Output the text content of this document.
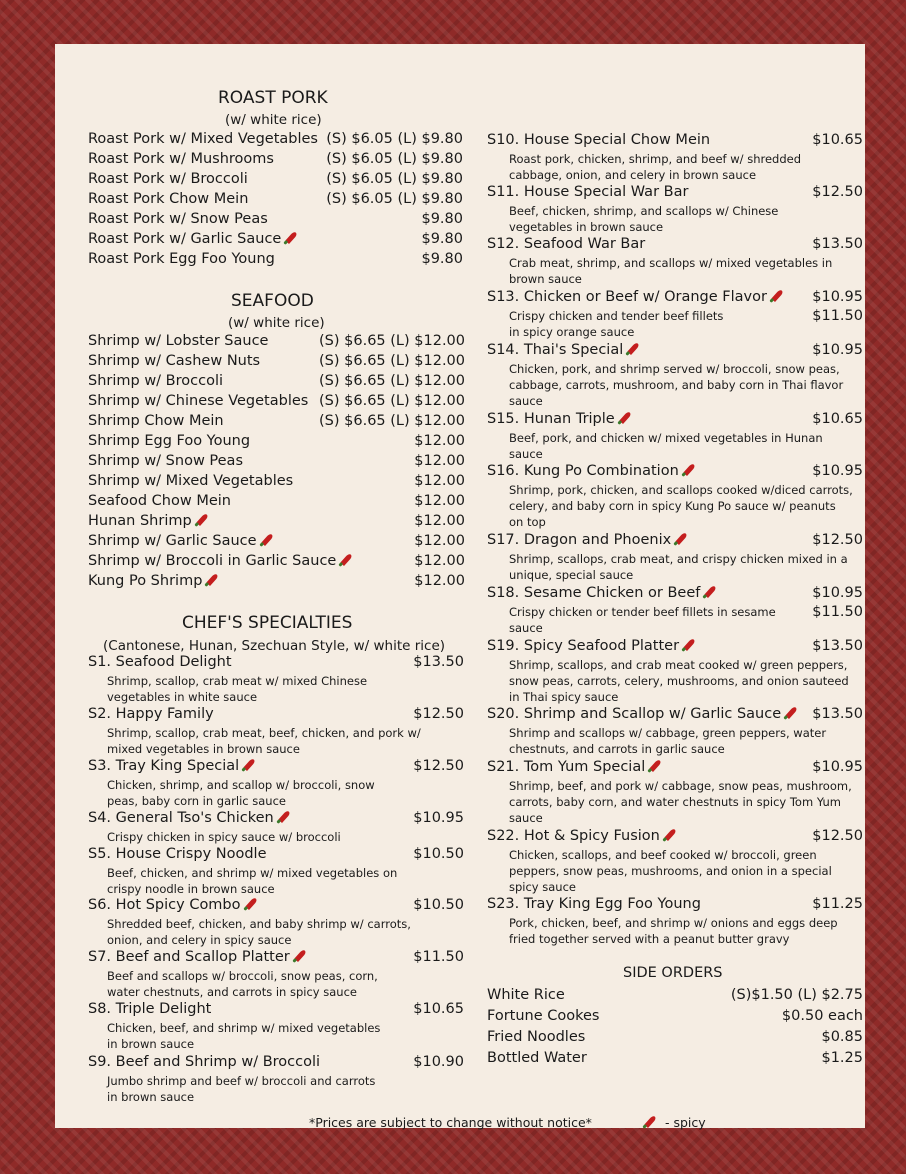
ROAST PORK
(w/ white rice)
SEAFOOD
(w/ white rice)
CHEF'S SPECIALTIES
(Cantonese, Hunan, Szechuan Style, w/ white rice)
SIDE ORDERS
*Prices are subject to change without notice*	- spicy
Roast Pork w/ Mixed Vegetables (S) $6.05 (L) $9.80
Roast Pork w/ Mushrooms	(S) $6.05 (L) $9.80
Roast Pork w/ Broccoli	(S) $6.05 (L) $9.80
Roast Pork Chow Mein	(S) $6.05 (L) $9.80
Roast Pork w/ Snow Peas	$9.80
Roast Pork w/ Garlic Sauce	$9.80
Roast Pork Egg Foo Young	$9.80
Shrimp w/ Lobster Sauce	(S) $6.65 (L) $12.00
Shrimp w/ Cashew Nuts	(S) $6.65 (L) $12.00
Shrimp w/ Broccoli	(S) $6.65 (L) $12.00
Shrimp w/ Chinese Vegetables (S) $6.65 (L) $12.00
Shrimp Chow Mein	(S) $6.65 (L) $12.00
Shrimp Egg Foo Young	$12.00
Shrimp w/ Snow Peas	$12.00
Shrimp w/ Mixed Vegetables	$12.00
Seafood Chow Mein	$12.00
Hunan Shrimp	$12.00
Shrimp w/ Garlic Sauce	$12.00
Shrimp w/ Broccoli in Garlic Sauce	$12.00
Kung Po Shrimp	$12.00
S1. Seafood Delight	$13.50
Shrimp, scallop, crab meat w/ mixed Chinese
vegetables in white sauce
S2. Happy Family	$12.50
Shrimp, scallop, crab meat, beef, chicken, and pork w/
mixed vegetables in brown sauce
S3. Tray King Special	$12.50
Chicken, shrimp, and scallop w/ broccoli, snow
peas, baby corn in garlic sauce
S4. General Tso's Chicken	$10.95
Crispy chicken in spicy sauce w/ broccoli
S5. House Crispy Noodle	$10.50
Beef, chicken, and shrimp w/ mixed vegetables on
crispy noodle in brown sauce
S6. Hot Spicy Combo	$10.50
Shredded beef, chicken, and baby shrimp w/ carrots,
onion, and celery in spicy sauce
S7. Beef and Scallop Platter	$11.50
Beef and scallops w/ broccoli, snow peas, corn,
water chestnuts, and carrots in spicy sauce
S8. Triple Delight	$10.65
Chicken, beef, and shrimp w/ mixed vegetables
in brown sauce
S9. Beef and Shrimp w/ Broccoli	$10.90
Jumbo shrimp and beef w/ broccoli and carrots
in brown sauce
S10. House Special Chow Mein	$10.65
Roast pork, chicken, shrimp, and beef w/ shredded
cabbage, onion, and celery in brown sauce
S11. House Special War Bar	$12.50
Beef, chicken, shrimp, and scallops w/ Chinese
vegetables in brown sauce
S12. Seafood War Bar	$13.50
Crab meat, shrimp, and scallops w/ mixed vegetables in
brown sauce
S13. Chicken or Beef w/ Orange Flavor	$10.95
$11.50
Crispy chicken and tender beef fillets
in spicy orange sauce
S14. Thai's Special	$10.95
Chicken, pork, and shrimp served w/ broccoli, snow peas,
cabbage, carrots, mushroom, and baby corn in Thai flavor
sauce
S15. Hunan Triple	$10.65
Beef, pork, and chicken w/ mixed vegetables in Hunan
sauce
S16. Kung Po Combination	$10.95
Shrimp, pork, chicken, and scallops cooked w/diced carrots,
celery, and baby corn in spicy Kung Po sauce w/ peanuts
on top
S17. Dragon and Phoenix	$12.50
Shrimp, scallops, crab meat, and crispy chicken mixed in a
unique, special sauce
S18. Sesame Chicken or Beef	$10.95
$11.50
Crispy chicken or tender beef fillets in sesame
sauce
S19. Spicy Seafood Platter	$13.50
Shrimp, scallops, and crab meat cooked w/ green peppers,
snow peas, carrots, celery, mushrooms, and onion sauteed
in Thai spicy sauce
S20. Shrimp and Scallop w/ Garlic Sauce	$13.50
Shrimp and scallops w/ cabbage, green peppers, water
chestnuts, and carrots in garlic sauce
S21. Tom Yum Special	$10.95
Shrimp, beef, and pork w/ cabbage, snow peas, mushroom,
carrots, baby corn, and water chestnuts in spicy Tom Yum
sauce
S22. Hot & Spicy Fusion	$12.50
Chicken, scallops, and beef cooked w/ broccoli, green
peppers, snow peas, mushrooms, and onion in a special
spicy sauce
S23. Tray King Egg Foo Young	$11.25
Pork, chicken, beef, and shrimp w/ onions and eggs deep
fried together served with a peanut butter gravy
White Rice	(S)$1.50 (L) $2.75
Fortune Cookes	$0.50 each
Fried Noodles	$0.85
Bottled Water	$1.25
